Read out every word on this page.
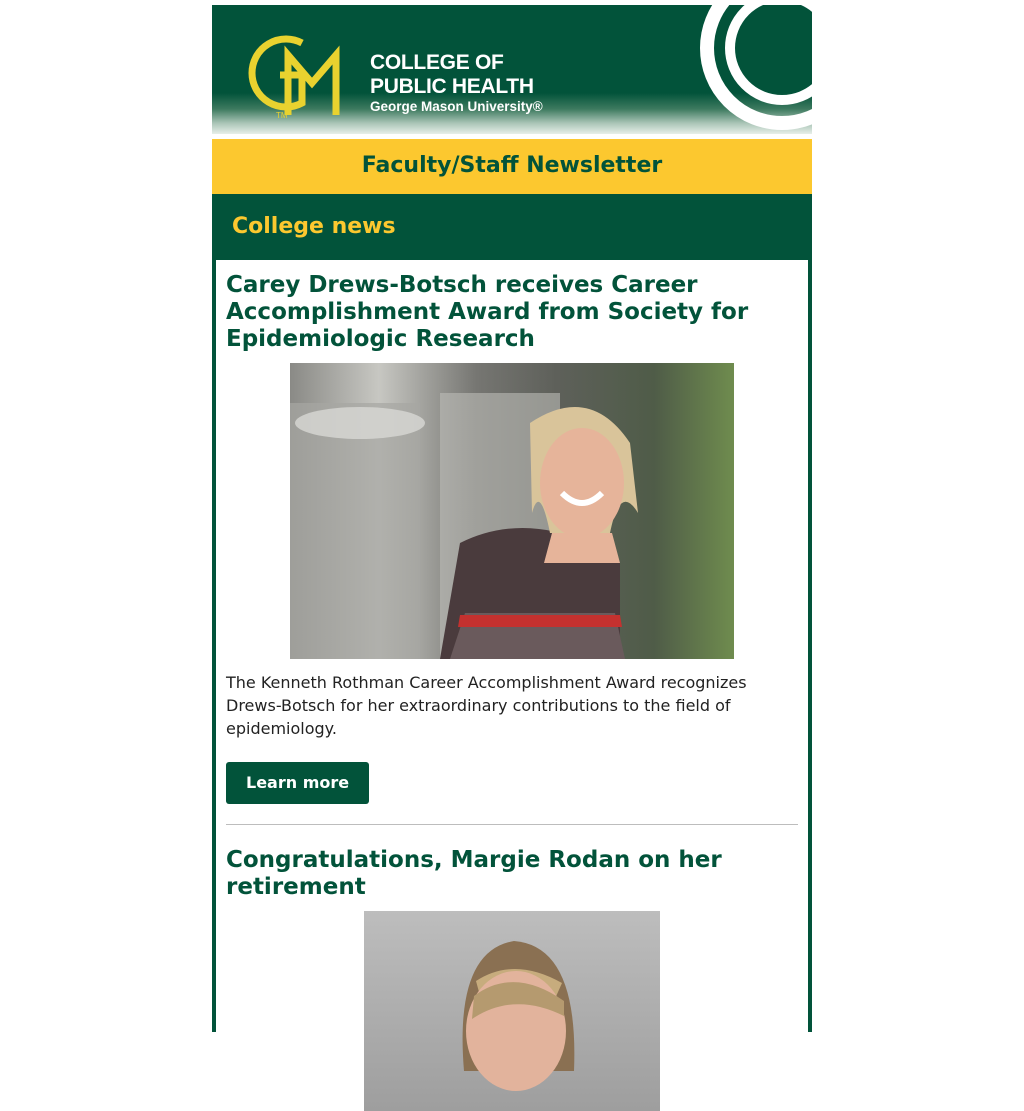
TM
COLLEGE OF
PUBLIC HEALTH
George Mason University®
Faculty/Staff Newsletter
College news
Carey Drews-Botsch receives Career Accomplishment Award from Society for Epidemiologic Research

The Kenneth Rothman Career Accomplishment Award recognizes Drews-Botsch for her extraordinary contributions to the field of epidemiology.

Learn more
Congratulations, Margie Rodan on her retirement
